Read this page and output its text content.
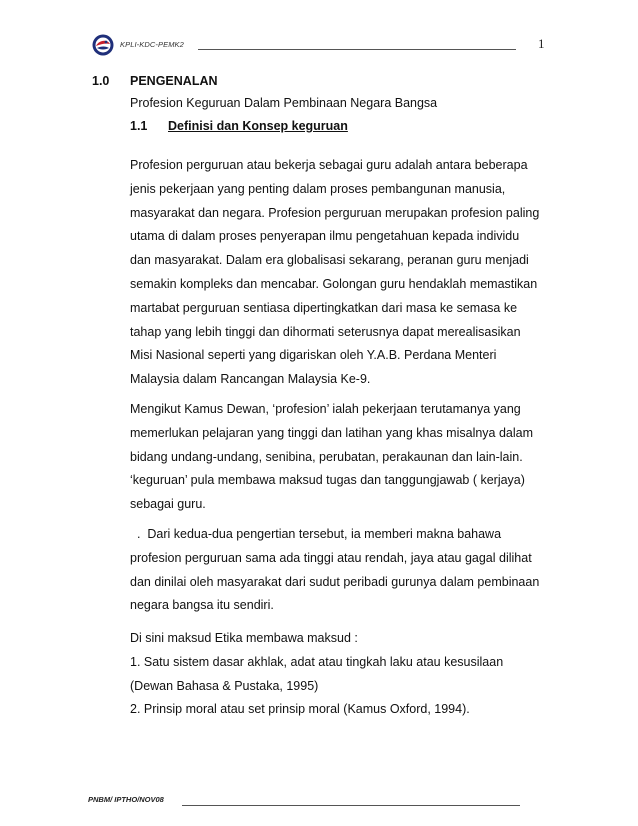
KPLI-KDC-PEMK2	1
1.0 PENGENALAN
Profesion Keguruan Dalam Pembinaan Negara Bangsa
1.1 Definisi dan Konsep keguruan

Profesion perguruan atau bekerja sebagai guru adalah antara beberapa
jenis pekerjaan yang penting dalam proses pembangunan manusia,
masyarakat dan negara. Profesion perguruan merupakan profesion paling
utama di dalam proses penyerapan ilmu pengetahuan kepada individu
dan masyarakat. Dalam era globalisasi sekarang, peranan guru menjadi
semakin kompleks dan mencabar. Golongan guru hendaklah memastikan
martabat perguruan sentiasa dipertingkatkan dari masa ke semasa ke
tahap yang lebih tinggi dan dihormati seterusnya dapat merealisasikan
Misi Nasional seperti yang digariskan oleh Y.A.B. Perdana Menteri
Malaysia dalam Rancangan Malaysia Ke-9.

Mengikut Kamus Dewan, ‘profesion’ ialah pekerjaan terutamanya yang
memerlukan pelajaran yang tinggi dan latihan yang khas misalnya dalam
bidang undang-undang, senibina, perubatan, perakaunan dan lain-lain.
‘keguruan’ pula membawa maksud tugas dan tanggungjawab ( kerjaya)
sebagai guru.

.  Dari kedua-dua pengertian tersebut, ia memberi makna bahawa
profesion perguruan sama ada tinggi atau rendah, jaya atau gagal dilihat
dan dinilai oleh masyarakat dari sudut peribadi gurunya dalam pembinaan
negara bangsa itu sendiri.

Di sini maksud Etika membawa maksud :
1. Satu sistem dasar akhlak, adat atau tingkah laku atau kesusilaan
(Dewan Bahasa & Pustaka, 1995)
2. Prinsip moral atau set prinsip moral (Kamus Oxford, 1994).

PNBM/ IPTHO/NOV08
